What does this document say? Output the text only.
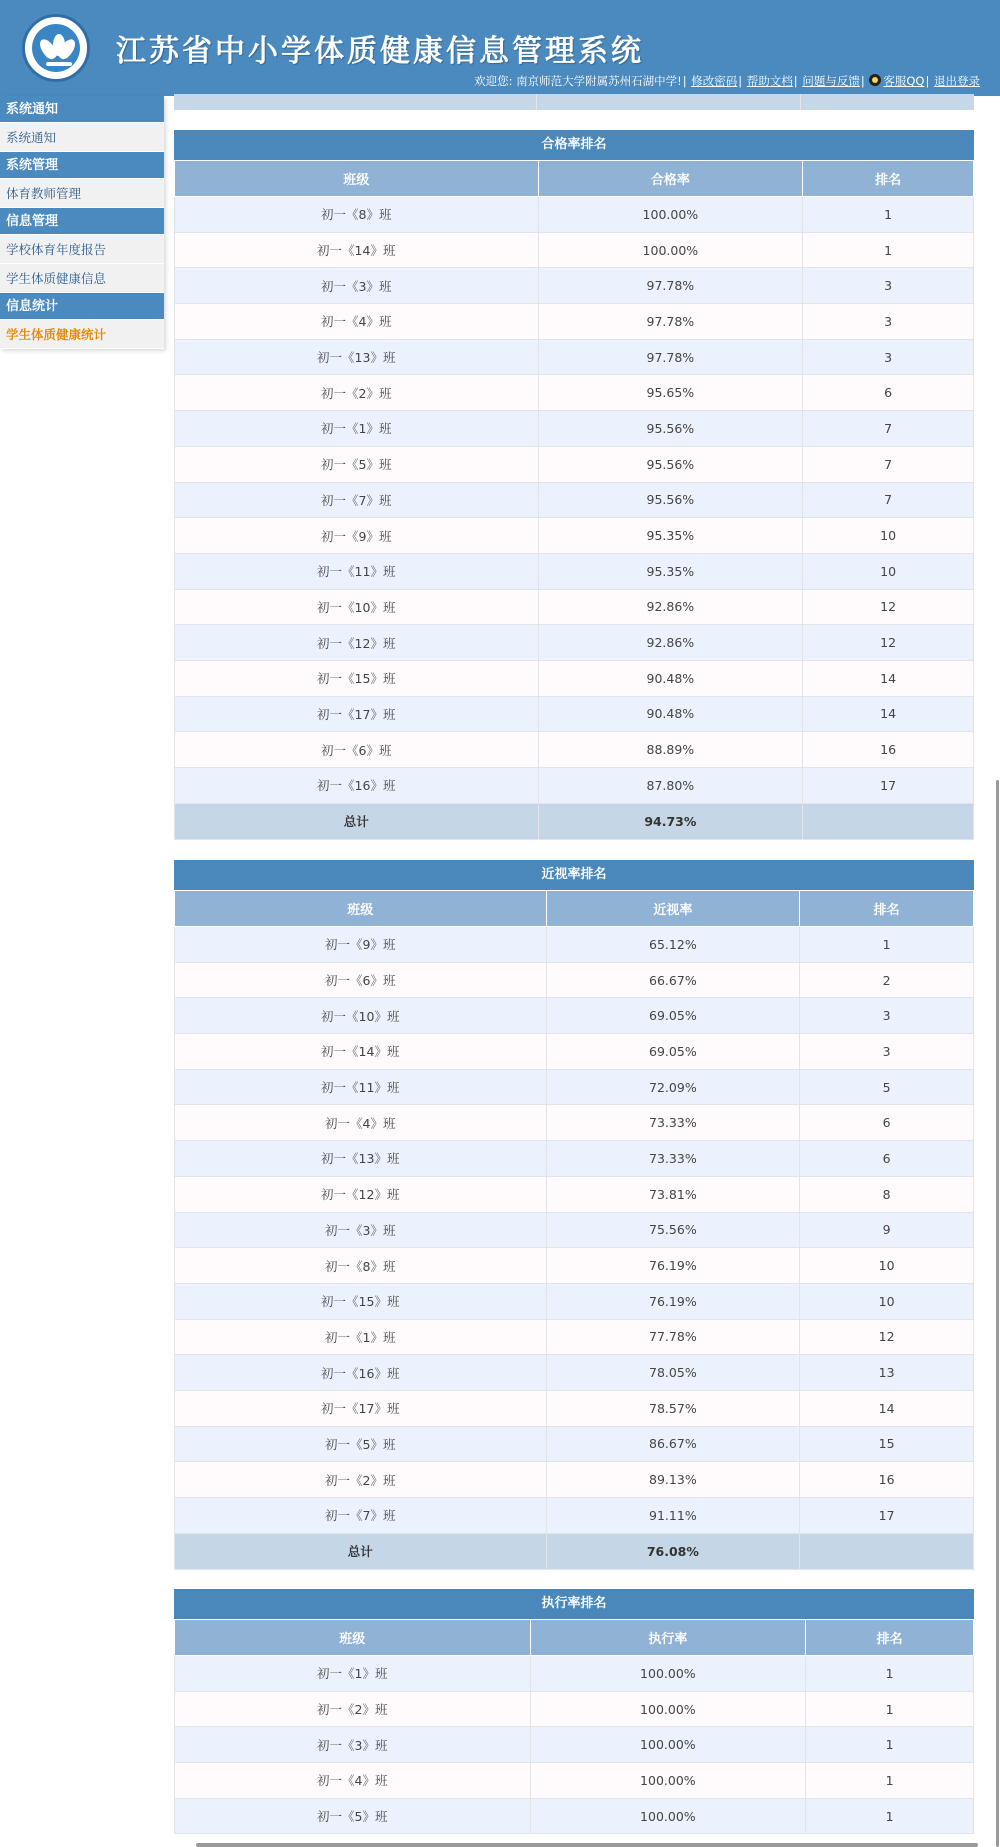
江苏省中小学体质健康信息管理系统
欢迎您: 南京师范大学附属苏州石湖中学!| 修改密码| 帮助文档| 问题与反馈| 客服QQ| 退出登录
系统通知
系统通知
系统管理
体育教师管理
信息管理
学校体育年度报告
学生体质健康信息
信息统计
学生体质健康统计
合格率排名
班级	合格率	排名
初一《8》班	100.00%	1
初一《14》班	100.00%	1
初一《3》班	97.78%	3
初一《4》班	97.78%	3
初一《13》班	97.78%	3
初一《2》班	95.65%	6
初一《1》班	95.56%	7
初一《5》班	95.56%	7
初一《7》班	95.56%	7
初一《9》班	95.35%	10
初一《11》班	95.35%	10
初一《10》班	92.86%	12
初一《12》班	92.86%	12
初一《15》班	90.48%	14
初一《17》班	90.48%	14
初一《6》班	88.89%	16
初一《16》班	87.80%	17
总计	94.73%	
近视率排名
班级	近视率	排名
初一《9》班	65.12%	1
初一《6》班	66.67%	2
初一《10》班	69.05%	3
初一《14》班	69.05%	3
初一《11》班	72.09%	5
初一《4》班	73.33%	6
初一《13》班	73.33%	6
初一《12》班	73.81%	8
初一《3》班	75.56%	9
初一《8》班	76.19%	10
初一《15》班	76.19%	10
初一《1》班	77.78%	12
初一《16》班	78.05%	13
初一《17》班	78.57%	14
初一《5》班	86.67%	15
初一《2》班	89.13%	16
初一《7》班	91.11%	17
总计	76.08%	
执行率排名
班级	执行率	排名
初一《1》班	100.00%	1
初一《2》班	100.00%	1
初一《3》班	100.00%	1
初一《4》班	100.00%	1
初一《5》班	100.00%	1
